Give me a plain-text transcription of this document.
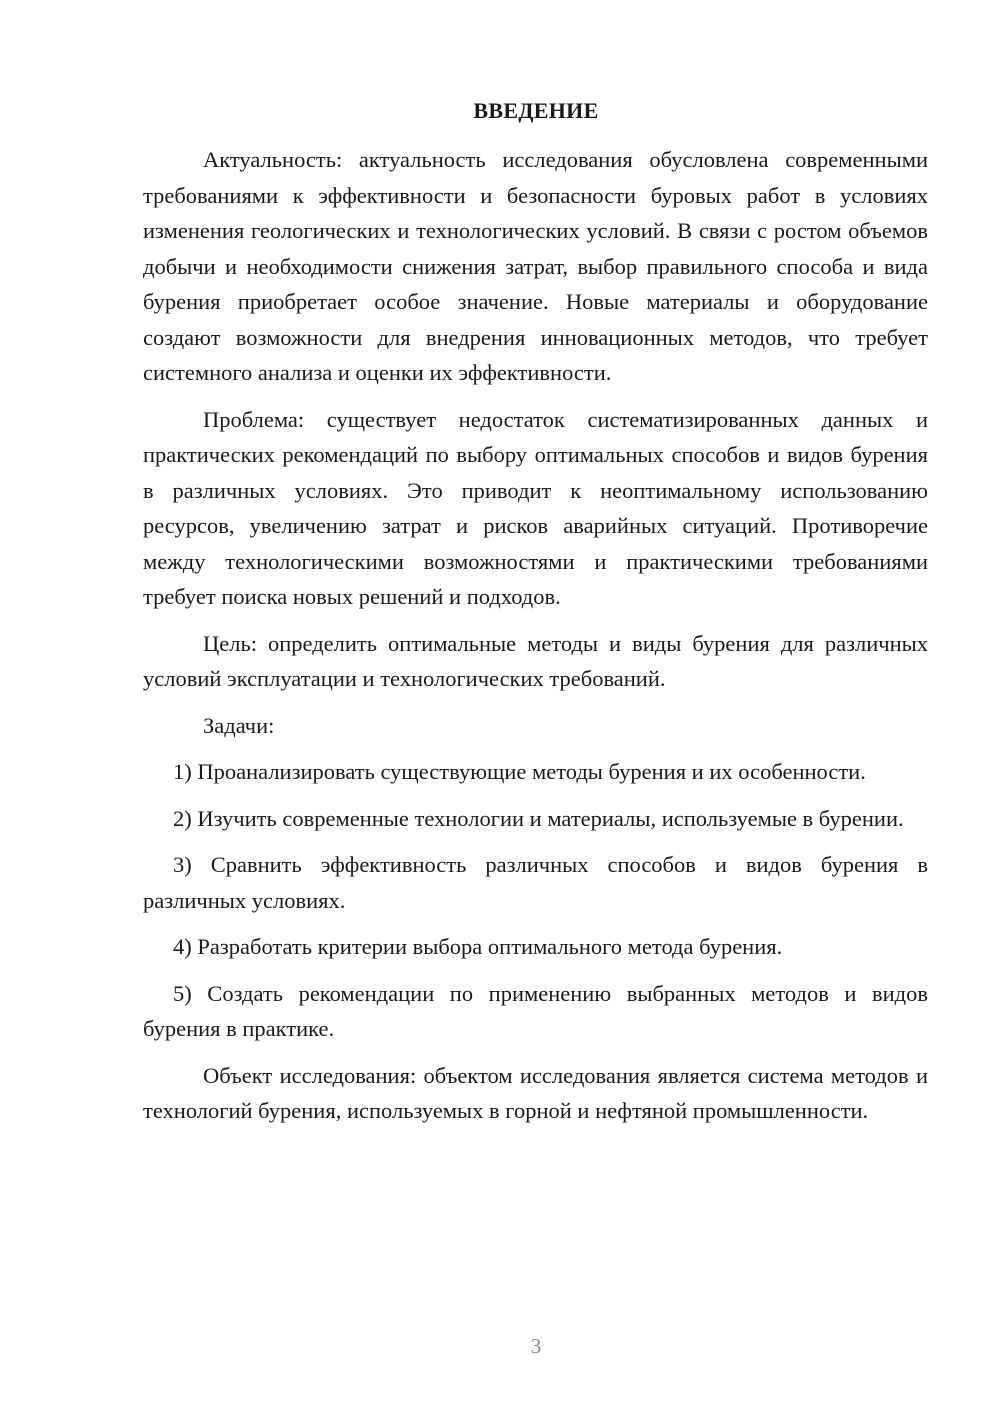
ВВЕДЕНИЕ

Актуальность: актуальность исследования обусловлена современными требованиями к эффективности и безопасности буровых работ в условиях изменения геологических и технологических условий. В связи с ростом объемов добычи и необходимости снижения затрат, выбор правильного способа и вида бурения приобретает особое значение. Новые материалы и оборудование создают возможности для внедрения инновационных методов, что требует системного анализа и оценки их эффективности.

Проблема: существует недостаток систематизированных данных и практических рекомендаций по выбору оптимальных способов и видов бурения в различных условиях. Это приводит к неоптимальному использованию ресурсов, увеличению затрат и рисков аварийных ситуаций. Противоречие между технологическими возможностями и практическими требованиями требует поиска новых решений и подходов.

Цель: определить оптимальные методы и виды бурения для различных условий эксплуатации и технологических требований.

Задачи:

1) Проанализировать существующие методы бурения и их особенности.

2) Изучить современные технологии и материалы, используемые в бурении.

3) Сравнить эффективность различных способов и видов бурения в различных условиях.

4) Разработать критерии выбора оптимального метода бурения.

5) Создать рекомендации по применению выбранных методов и видов бурения в практике.

Объект исследования: объектом исследования является система методов и технологий бурения, используемых в горной и нефтяной промышленности.

3
